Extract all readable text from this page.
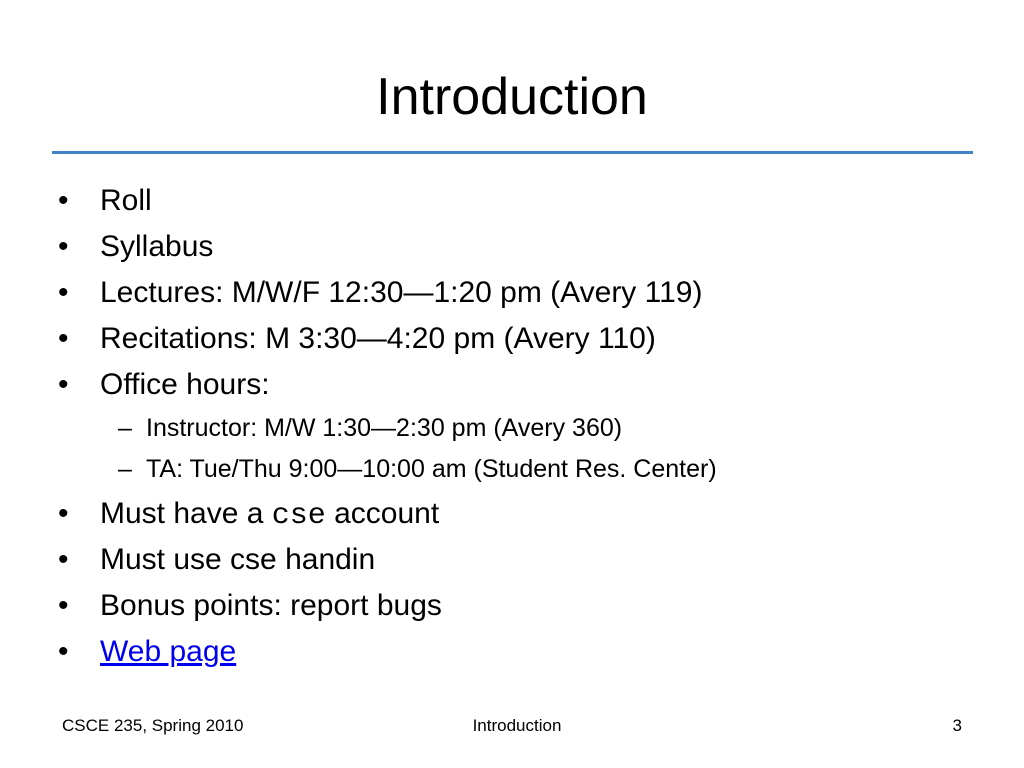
Introduction
• Roll
• Syllabus
• Lectures: M/W/F 12:30—1:20 pm (Avery 119)
• Recitations: M 3:30—4:20 pm (Avery 110)
• Office hours:
– Instructor: M/W 1:30—2:30 pm (Avery 360)
– TA: Tue/Thu 9:00—10:00 am (Student Res. Center)
• Must have a cse account
• Must use cse handin
• Bonus points: report bugs
• Web page
CSCE 235, Spring 2010	Introduction	3
